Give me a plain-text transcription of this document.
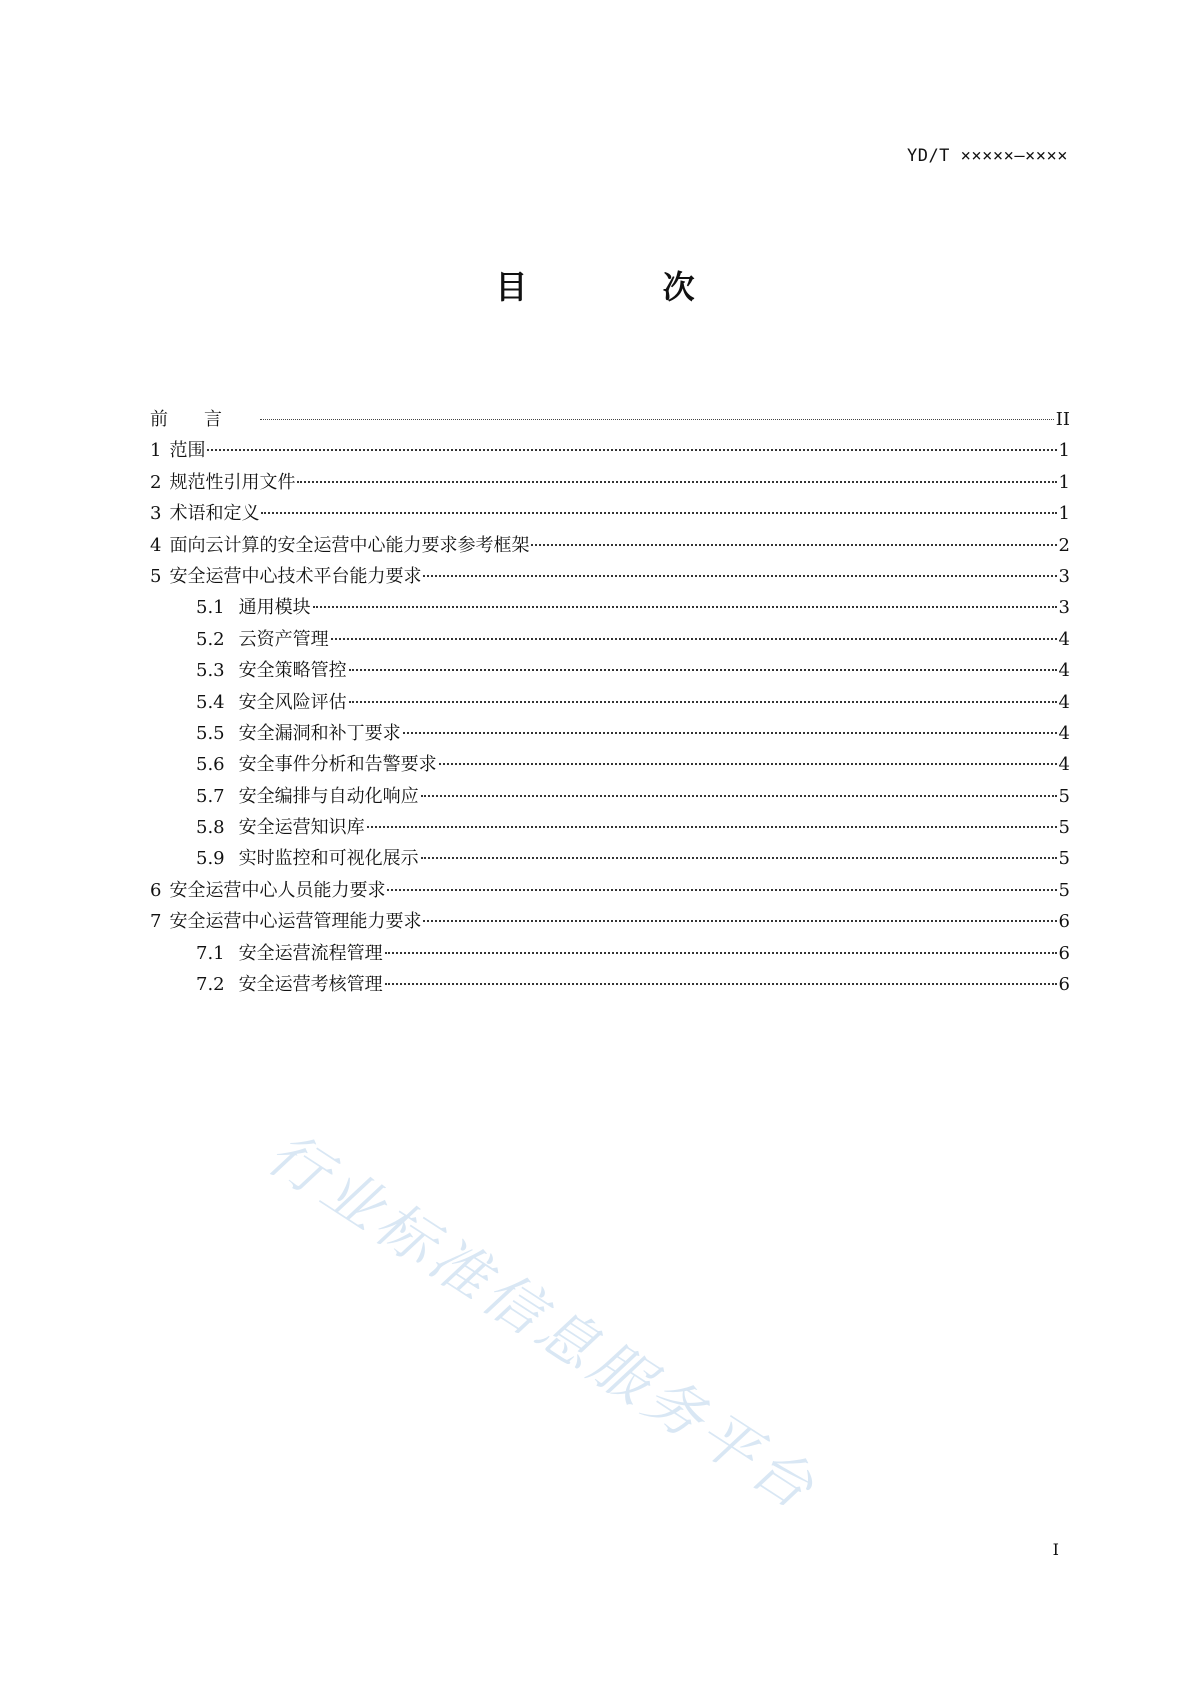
YD/T ×××××—××××
目 次
前言	II
1 范围	1
2 规范性引用文件	1
3 术语和定义	1
4 面向云计算的安全运营中心能力要求参考框架	2
5 安全运营中心技术平台能力要求	3
5.1 通用模块	3
5.2 云资产管理	4
5.3 安全策略管控	4
5.4 安全风险评估	4
5.5 安全漏洞和补丁要求	4
5.6 安全事件分析和告警要求	4
5.7 安全编排与自动化响应	5
5.8 安全运营知识库	5
5.9 实时监控和可视化展示	5
6 安全运营中心人员能力要求	5
7 安全运营中心运营管理能力要求	6
7.1 安全运营流程管理	6
7.2 安全运营考核管理	6
I
行业标准信息服务平台
